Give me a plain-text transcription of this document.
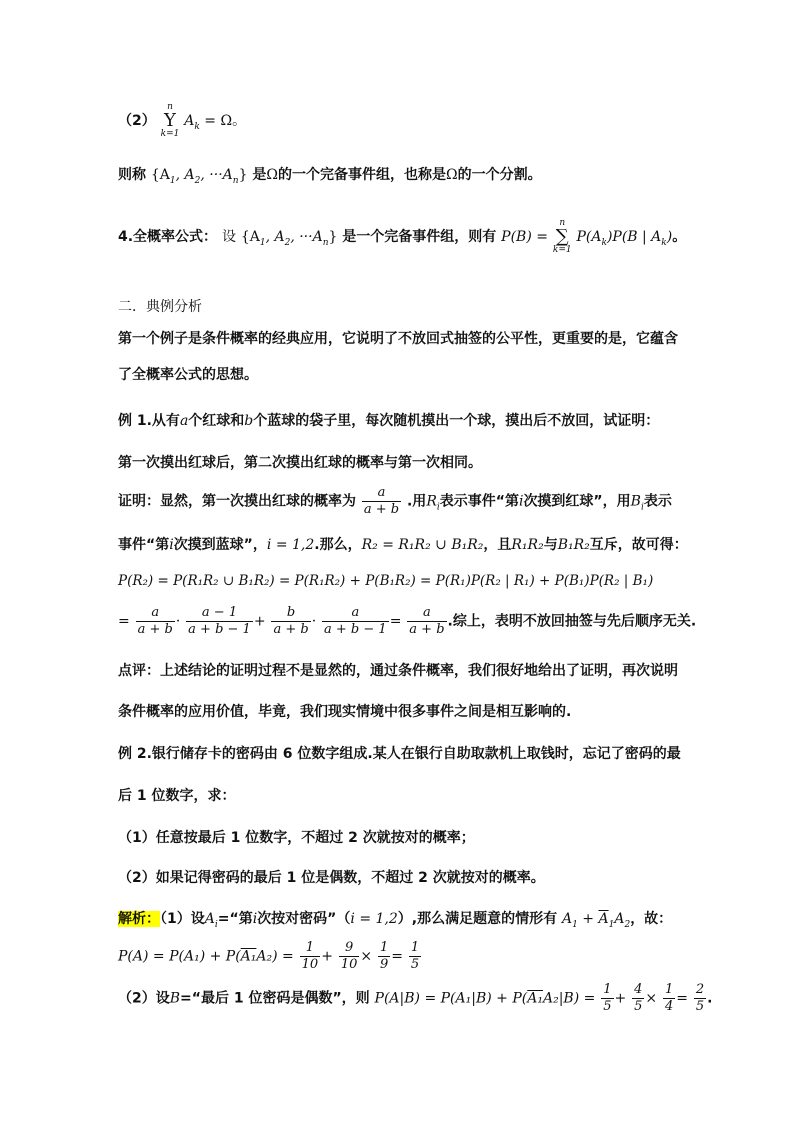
（2）
n
Y
k=1
$A_k = \Omega$。
则称 {$A_1$, $A_2$, $\cdot\cdot\cdot A_n$} 是Ω的一个完备事件组，也称是Ω的一个分割。
4.全概率公式： 设 {$A_1$, $A_2$, $\cdot\cdot\cdot A_n$} 是一个完备事件组，则有 P(B) =
n
∑
k=1
$P(A_k)P(B$ | $A_k$)。
二．典例分析
第一个例子是条件概率的经典应用，它说明了不放回式抽签的公平性，更重要的是，它蕴含
了全概率公式的思想。
例 1.从有a个红球和b个蓝球的袋子里，每次随机摸出一个球，摸出后不放回，试证明：
第一次摸出红球后，第二次摸出红球的概率与第一次相同。
证明：显然，第一次摸出红球的概率为 $\frac{a}{a + b}$ .用$R_i$表示事件“第i次摸到红球”，用$B_i$表示
事件“第i次摸到蓝球”，i = 1,2.那么，R₂ = R₁R₂ ∪ B₁R₂，且R₁R₂与B₁R₂互斥，故可得：
P(R₂) = P(R₁R₂ ∪ B₁R₂) = P(R₁R₂) + P(B₁R₂) = P(R₁)P(R₂ | R₁) + P(B₁)P(R₂ | B₁)
= $\frac{a}{a + b} \cdot \frac{a - 1}{a + b - 1} + \frac{b}{a + b} \cdot \frac{a}{a + b - 1} = \frac{a}{a + b}$ .综上，表明不放回抽签与先后顺序无关.
点评：上述结论的证明过程不是显然的，通过条件概率，我们很好地给出了证明，再次说明
条件概率的应用价值，毕竟，我们现实情境中很多事件之间是相互影响的.
例 2.银行储存卡的密码由 6 位数字组成.某人在银行自助取款机上取钱时，忘记了密码的最
后 1 位数字，求：
（1）任意按最后 1 位数字，不超过 2 次就按对的概率；
（2）如果记得密码的最后 1 位是偶数，不超过 2 次就按对的概率。
解析：（1）设$A_i=“$第i次按对密码”（i = 1,2）,那么满足题意的情形有 $A_1 + \overline{A}_1A_2$，故：
$P(A) = P(A_1) + P(A_1A_2) = \frac{1}{10} + \frac{9}{10} \times \frac{1}{9} = \frac{1}{5}$
（2）设B=“最后 1 位密码是偶数”，则 $P(A|B) = P(A_1|B) + P(A_1A_2|B) = \frac{1}{5} + \frac{4}{5} \times \frac{1}{4} = \frac{2}{5}$ .
